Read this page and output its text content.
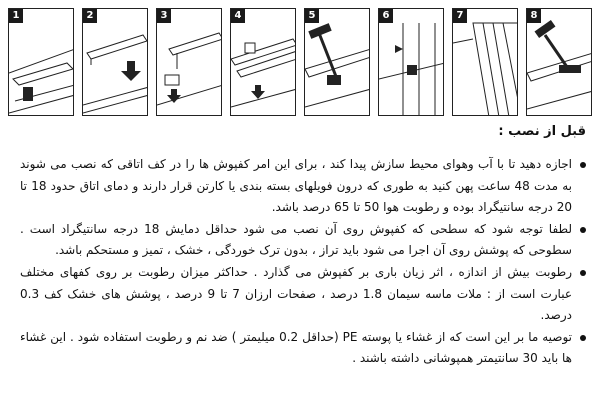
1	2	3	4	5	6	7	8
قبل از نصب :
اجازه دهید تا با آب وهوای محیط سازش پیدا کند ، برای این امر کفپوش ها را در کف اتاقی که نصب می شوند به مدت 48 ساعت پهن کنید به طوری که درون فویلهای بسته بندی یا کارتن قرار دارند و دمای اتاق حدود 18 تا 20 درجه سانتیگراد بوده و رطوبت هوا 50 تا 65 درصد باشد.
لطفا توجه شود که سطحی که کفپوش روی آن نصب می شود حداقل دمایش 18 درجه سانتیگراد است . سطوحی که پوشش روی آن اجرا می شود باید تراز ، بدون ترک خوردگی ، خشک ، تمیز و مستحکم باشد.
رطوبت بیش از اندازه ، اثر زیان باری بر کفپوش می گذارد . حداکثر میزان رطوبت بر روی کفهای مختلف عبارت است از : ملات ماسه سیمان 1.8 درصد ، صفحات ارزان 7 تا 9 درصد ، پوشش های خشک کف 0.3 درصد.
توصیه ما بر این است که از غشاء یا پوسته PE (حداقل 0.2 میلیمتر ) ضد نم و رطوبت استفاده شود . این غشاء ها باید 30 سانتیمتر همپوشانی داشته باشند .
